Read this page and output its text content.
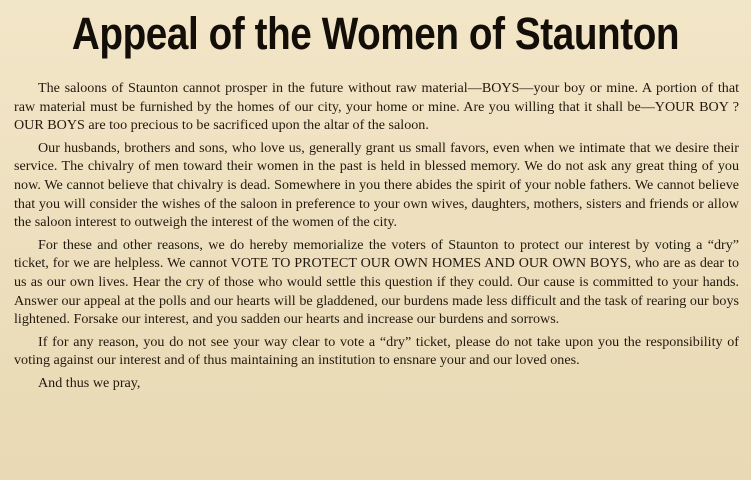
Appeal of the Women of Staunton

The saloons of Staunton cannot prosper in the future without raw material—BOYS—your boy or mine. A portion of that raw material must be furnished by the homes of our city, your home or mine. Are you willing that it shall be—YOUR BOY ? OUR BOYS are too precious to be sacrificed upon the altar of the saloon.

Our husbands, brothers and sons, who love us, generally grant us small favors, even when we intimate that we desire their service. The chivalry of men toward their women in the past is held in blessed memory. We do not ask any great thing of you now. We cannot believe that chivalry is dead. Somewhere in you there abides the spirit of your noble fathers. We cannot believe that you will consider the wishes of the saloon in preference to your own wives, daughters, mothers, sisters and friends or allow the saloon interest to outweigh the interest of the women of the city.

For these and other reasons, we do hereby memorialize the voters of Staunton to protect our interest by voting a “dry” ticket, for we are helpless. We cannot VOTE TO PROTECT OUR OWN HOMES AND OUR OWN BOYS, who are as dear to us as our own lives. Hear the cry of those who would settle this question if they could. Our cause is committed to your hands. Answer our appeal at the polls and our hearts will be gladdened, our burdens made less difficult and the task of rearing our boys lightened. Forsake our interest, and you sadden our hearts and increase our burdens and sorrows.

If for any reason, you do not see your way clear to vote a “dry” ticket, please do not take upon you the responsibility of voting against our interest and of thus maintaining an institution to ensnare your and our loved ones.

And thus we pray,
